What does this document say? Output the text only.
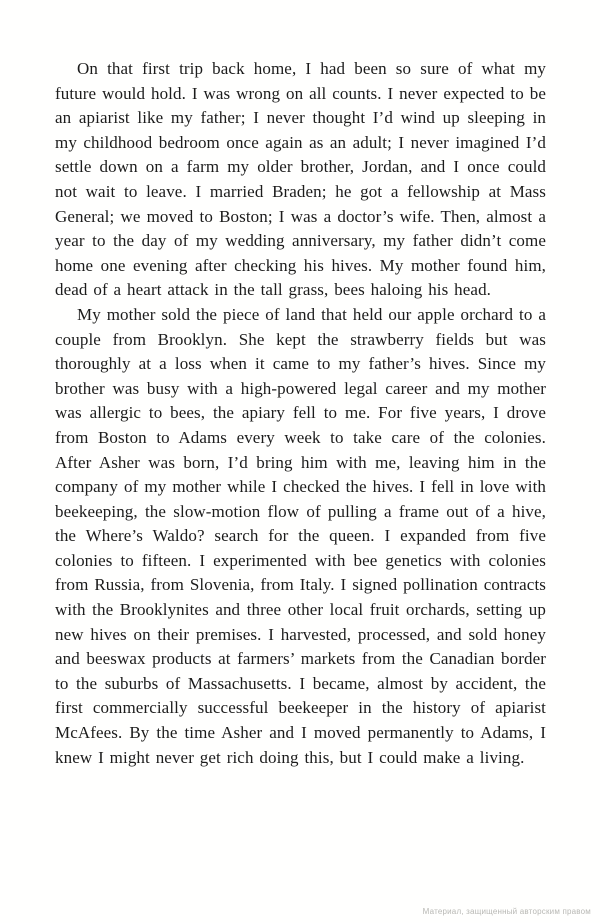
On that first trip back home, I had been so sure of what my future would hold. I was wrong on all counts. I never expected to be an apiarist like my father; I never thought I’d wind up sleeping in my childhood bedroom once again as an adult; I never imagined I’d settle down on a farm my older brother, Jordan, and I once could not wait to leave. I married Braden; he got a fellowship at Mass General; we moved to Boston; I was a doctor’s wife. Then, almost a year to the day of my wedding anniversary, my father didn’t come home one evening after checking his hives. My mother found him, dead of a heart attack in the tall grass, bees haloing his head.

My mother sold the piece of land that held our apple orchard to a couple from Brooklyn. She kept the strawberry fields but was thoroughly at a loss when it came to my father’s hives. Since my brother was busy with a high-powered legal career and my mother was allergic to bees, the apiary fell to me. For five years, I drove from Boston to Adams every week to take care of the colonies. After Asher was born, I’d bring him with me, leaving him in the company of my mother while I checked the hives. I fell in love with beekeeping, the slow-motion flow of pulling a frame out of a hive, the Where’s Waldo? search for the queen. I expanded from five colonies to fifteen. I experimented with bee genetics with colonies from Russia, from Slovenia, from Italy. I signed pollination contracts with the Brooklynites and three other local fruit orchards, setting up new hives on their premises. I harvested, processed, and sold honey and beeswax products at farmers’ markets from the Canadian border to the suburbs of Massachusetts. I became, almost by accident, the first commercially successful beekeeper in the history of apiarist McAfees. By the time Asher and I moved permanently to Adams, I knew I might never get rich doing this, but I could make a living.

Материал, защищенный авторским правом
